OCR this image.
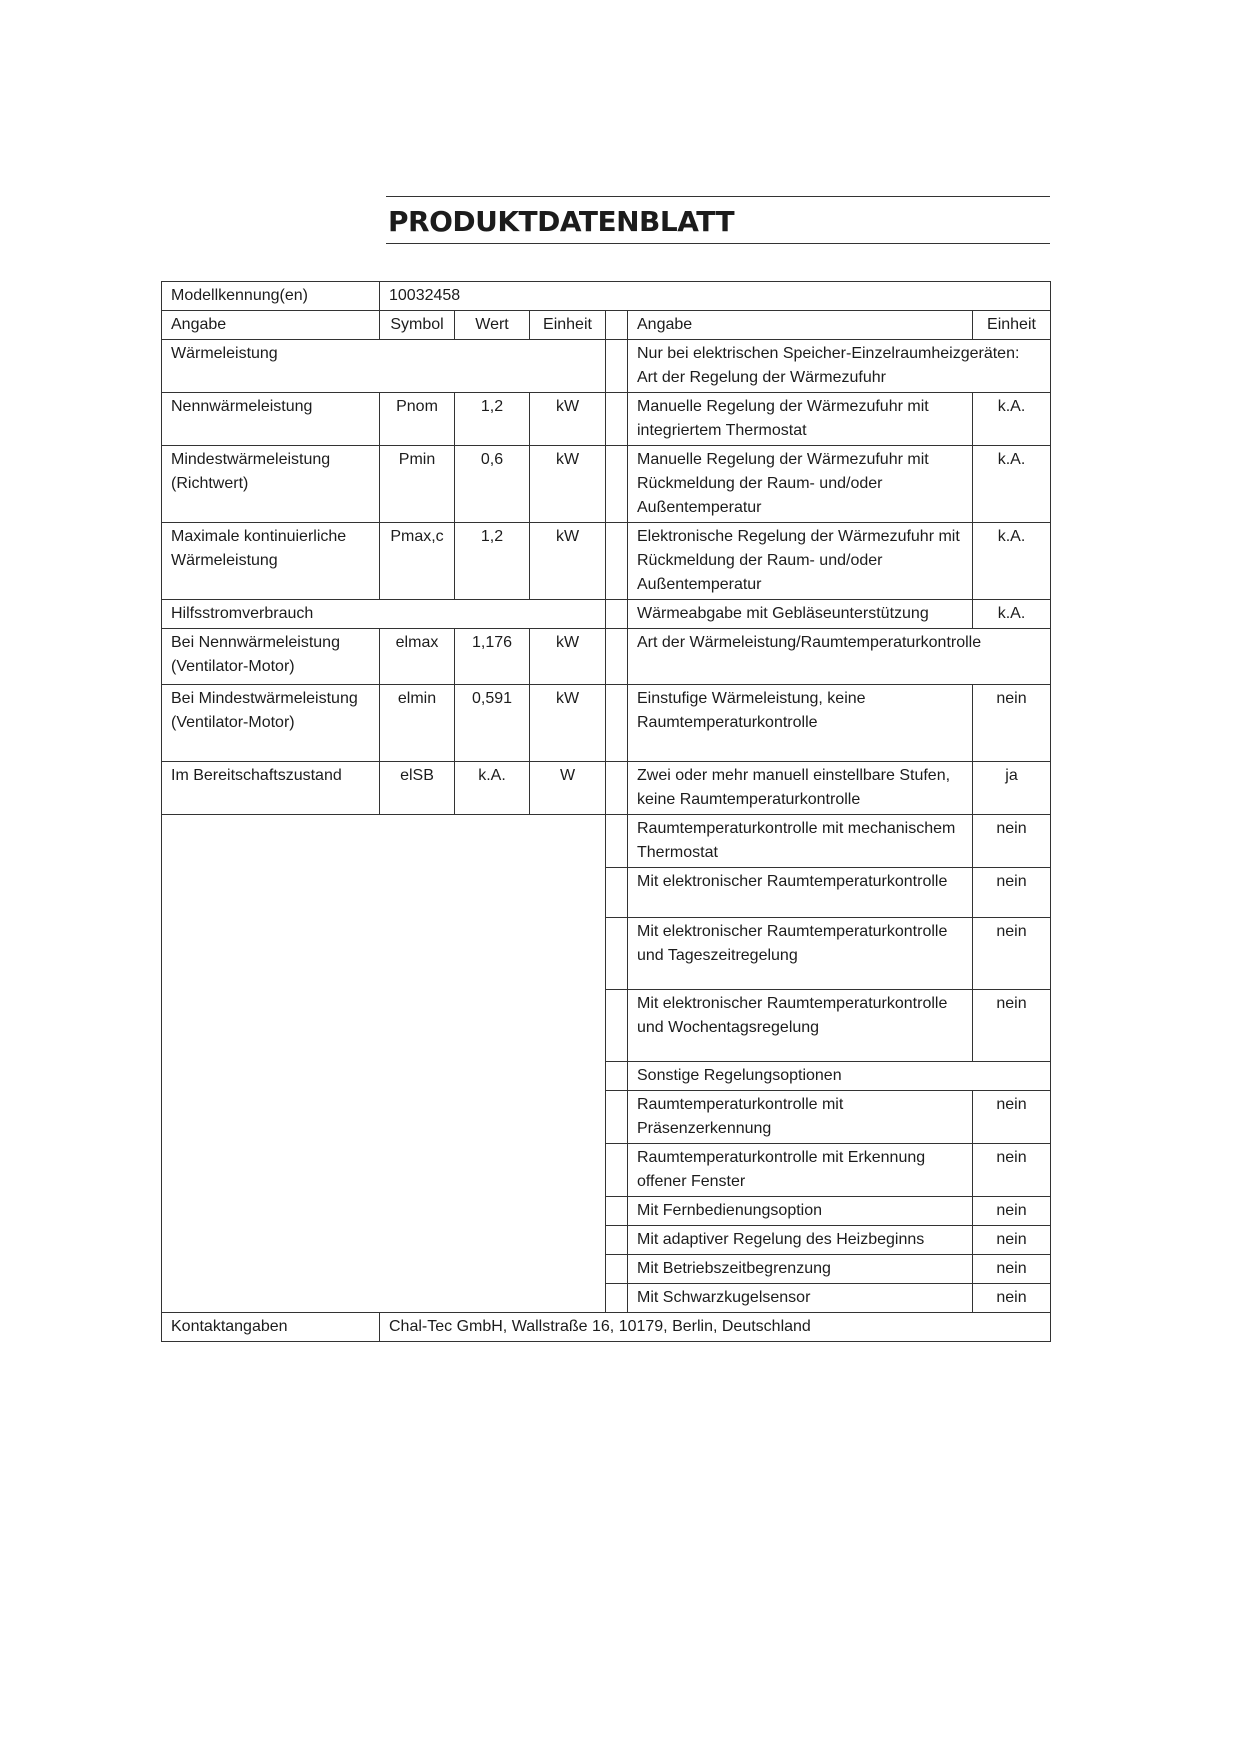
PRODUKTDATENBLATT
Modellkennung(en)	10032458					
Angabe	Symbol	Wert	Einheit		Angabe	Einheit
Wärmeleistung					Nur bei elektrischen Speicher-Einzelraumheizgeräten: Art der Regelung der Wärmezufuhr	
Nennwärmeleistung	Pnom	1,2	kW		Manuelle Regelung der Wärmezufuhr mit integriertem Thermostat	k.A.
Mindestwärmeleistung (Richtwert)	Pmin	0,6	kW		Manuelle Regelung der Wärmezufuhr mit Rückmeldung der Raum- und/oder Außentemperatur	k.A.
Maximale kontinuierliche Wärmeleistung	Pmax,c	1,2	kW		Elektronische Regelung der Wärmezufuhr mit Rückmeldung der Raum- und/oder Außentemperatur	k.A.
Hilfsstromverbrauch					Wärmeabgabe mit Gebläseunterstützung	k.A.
Bei Nennwärmeleistung (Ventilator-Motor)	elmax	1,176	kW		Art der Wärmeleistung/Raumtemperaturkontrolle	
Bei Mindestwärmeleistung (Ventilator-Motor)	elmin	0,591	kW		Einstufige Wärmeleistung, keine Raumtemperaturkontrolle	nein
Im Bereitschaftszustand	elSB	k.A.	W		Zwei oder mehr manuell einstellbare Stufen, keine Raumtemperaturkontrolle	ja
					Raumtemperaturkontrolle mit mechanischem Thermostat	nein
					Mit elektronischer Raumtemperaturkontrolle	nein
					Mit elektronischer Raumtemperaturkontrolle und Tageszeitregelung	nein
					Mit elektronischer Raumtemperaturkontrolle und Wochentagsregelung	nein
					Sonstige Regelungsoptionen	
					Raumtemperaturkontrolle mit Präsenzerkennung	nein
					Raumtemperaturkontrolle mit Erkennung offener Fenster	nein
					Mit Fernbedienungsoption	nein
					Mit adaptiver Regelung des Heizbeginns	nein
					Mit Betriebszeitbegrenzung	nein
					Mit Schwarzkugelsensor	nein
Kontaktangaben	Chal-Tec GmbH, Wallstraße 16, 10179, Berlin, Deutschland					
